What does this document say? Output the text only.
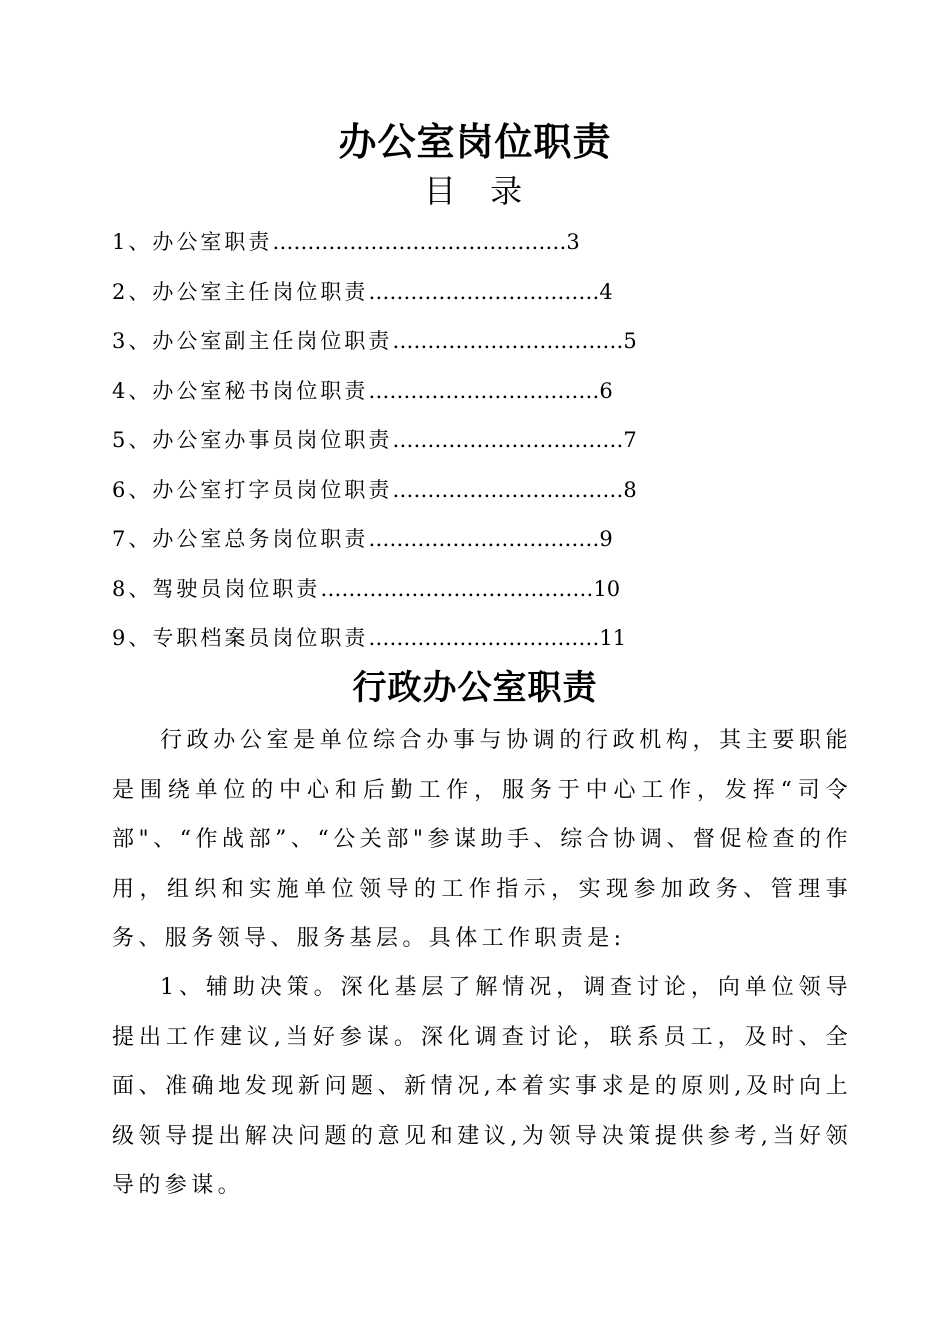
办公室岗位职责
目 录
1、办公室职责……………………………………3
2、办公室主任岗位职责……………………………4
3、办公室副主任岗位职责……………………………5
4、办公室秘书岗位职责……………………………6
5、办公室办事员岗位职责……………………………7
6、办公室打字员岗位职责……………………………8
7、办公室总务岗位职责……………………………9
8、驾驶员岗位职责…………………………………10
9、专职档案员岗位职责……………………………11
行政办公室职责

行政办公室是单位综合办事与协调的行政机构，其主要职能是围绕单位的中心和后勤工作，服务于中心工作，发挥“司令部"、“作战部”、“公关部"参谋助手、综合协调、督促检查的作用，组织和实施单位领导的工作指示，实现参加政务、管理事务、服务领导、服务基层。具体工作职责是:

1、辅助决策。深化基层了解情况，调查讨论，向单位领导提出工作建议,当好参谋。深化调查讨论，联系员工，及时、全面、准确地发现新问题、新情况,本着实事求是的原则,及时向上级领导提出解决问题的意见和建议,为领导决策提供参考,当好领导的参谋。
